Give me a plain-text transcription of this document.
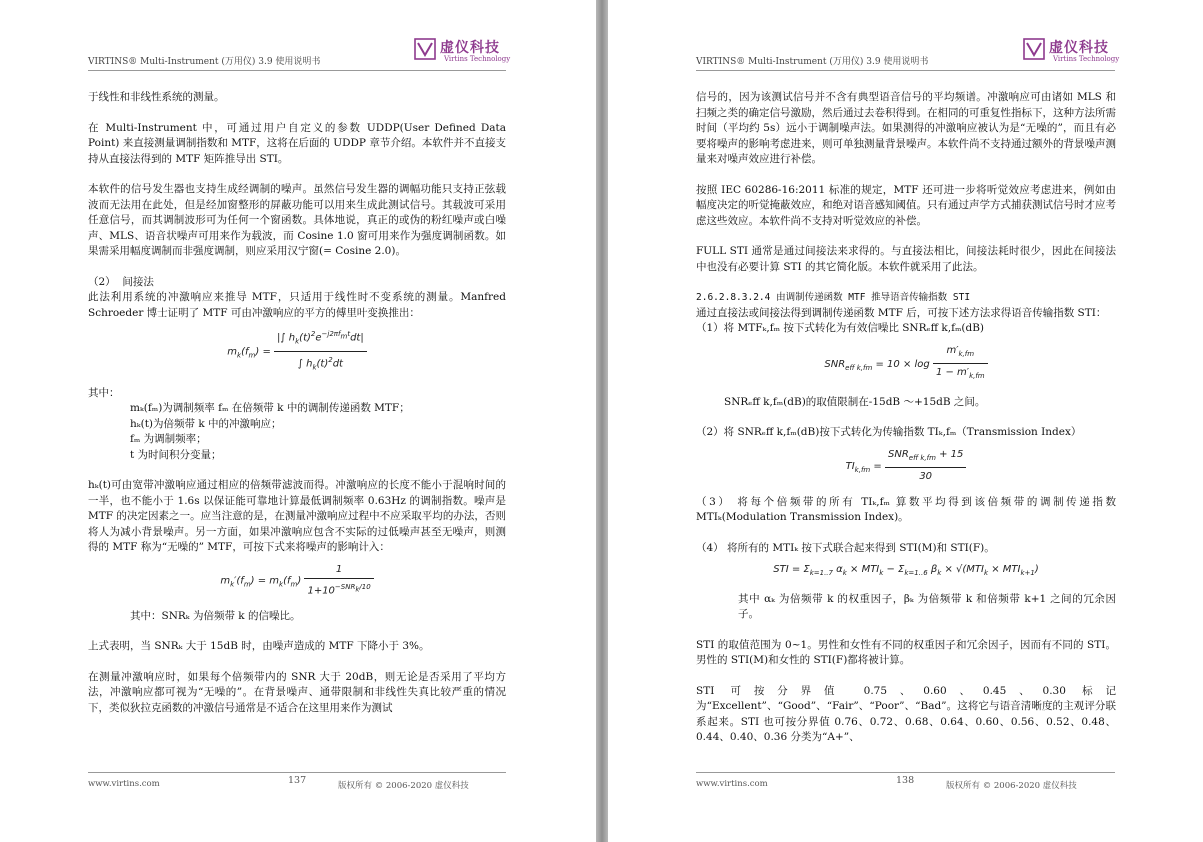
VIRTINS® Multi-Instrument (万用仪) 3.9 使用说明书
虚仪科技
Virtins Technology

于线性和非线性系统的测量。

在 Multi-Instrument 中，可通过用户自定义的参数 UDDP(User Defined Data Point) 来直接测量调制指数和 MTF，这将在后面的 UDDP 章节介绍。本软件并不直接支持从直接法得到的 MTF 矩阵推导出 STI。

本软件的信号发生器也支持生成经调制的噪声。虽然信号发生器的调幅功能只支持正弦载波而无法用在此处，但是经加窗整形的屏蔽功能可以用来生成此测试信号。其载波可采用任意信号，而其调制波形可为任何一个窗函数。具体地说，真正的或伪的粉红噪声或白噪声、MLS、语音状噪声可用来作为载波，而 Cosine 1.0 窗可用来作为强度调制函数。如果需采用幅度调制而非强度调制，则应采用汉宁窗(= Cosine 2.0)。

（2） 间接法

此法利用系统的冲激响应来推导 MTF，只适用于线性时不变系统的测量。Manfred Schroeder 博士证明了 MTF 可由冲激响应的平方的傅里叶变换推出：

$m_k(f_m) = \frac{|\int h_k(t)^2e^{-j2\pi fmt}dt|}{\int h_k(t)^2dt}$

其中：

mₖ(fₘ)为调制频率 fₘ 在倍频带 k 中的调制传递函数 MTF；

hₖ(t)为倍频带 k 中的冲激响应；

fₘ 为调制频率；

t 为时间积分变量；

hₖ(t)可由宽带冲激响应通过相应的倍频带滤波而得。冲激响应的长度不能小于混响时间的一半，也不能小于 1.6s 以保证能可靠地计算最低调制频率 0.63Hz 的调制指数。噪声是 MTF 的决定因素之一。应当注意的是，在测量冲激响应过程中不应采取平均的办法，否则将人为减小背景噪声。另一方面，如果冲激响应包含不实际的过低噪声甚至无噪声，则测得的 MTF 称为“无噪的” MTF，可按下式来将噪声的影响计入：

$m_k'(f_m) = m_k(f_m) \frac{1}{1+10^{-SNRk/10}}$

其中：SNRₖ 为倍频带 k 的信噪比。

上式表明，当 SNRₖ 大于 15dB 时，由噪声造成的 MTF 下降小于 3%。

在测量冲激响应时，如果每个倍频带内的 SNR 大于 20dB，则无论是否采用了平均方法，冲激响应都可视为“无噪的”。在背景噪声、通带限制和非线性失真比较严重的情况下，类似狄拉克函数的冲激信号通常是不适合在这里用来作为测试

www.virtins.com	137	版权所有 © 2006-2020 虚仪科技
VIRTINS® Multi-Instrument (万用仪) 3.9 使用说明书
虚仪科技
Virtins Technology

信号的，因为该测试信号并不含有典型语音信号的平均频谱。冲激响应可由诸如 MLS 和扫频之类的确定信号激励，然后通过去卷积得到。在相同的可重复性指标下，这种方法所需时间（平均约 5s）远小于调制噪声法。如果测得的冲激响应被认为是“无噪的”，而且有必要将噪声的影响考虑进来，则可单独测量背景噪声。本软件尚不支持通过额外的背景噪声测量来对噪声效应进行补偿。

按照 IEC 60286-16:2011 标准的规定，MTF 还可进一步将听觉效应考虑进来，例如由幅度决定的听觉掩蔽效应，和绝对语音感知阈值。只有通过声学方式捕获测试信号时才应考虑这些效应。本软件尚不支持对听觉效应的补偿。

FULL STI 通常是通过间接法来求得的。与直接法相比，间接法耗时很少，因此在间接法中也没有必要计算 STI 的其它简化版。本软件就采用了此法。

2.6.2.8.3.2.4 由调制传递函数 MTF 推导语音传输指数 STI

通过直接法或间接法得到调制传递函数 MTF 后，可按下述方法求得语音传输指数 STI：

（1）将 MTFₖ,fₘ 按下式转化为有效信噪比 SNRₑff k,fₘ(dB)

$SNR_{eff k,fm} = 10 \times \log \frac{m'_{k,fm}}{1 - m'_{k,fm}}$

SNRₑff k,fₘ(dB)的取值限制在-15dB ～+15dB 之间。

（2）将 SNRₑff k,fₘ(dB)按下式转化为传输指数 TIₖ,fₘ（Transmission Index）

$TI_{k,fm} = \frac{SNR_{eff k,fm} + 15}{30}$

（3） 将每个倍频带的所有 TIₖ,fₘ 算数平均得到该倍频带的调制传递指数 MTIₖ(Modulation Transmission Index)。

（4） 将所有的 MTIₖ 按下式联合起来得到 STI(M)和 STI(F)。

STI = $\Sigma_{k=1..7}$ $\alpha_k \times MTI_k - \Sigma_{k=1..6}$ $\beta_k \times √(MTI_k \times MTI_{k+1})$

其中 αₖ 为倍频带 k 的权重因子，βₖ 为倍频带 k 和倍频带 k+1 之间的冗余因子。

STI 的取值范围为 0~1。男性和女性有不同的权重因子和冗余因子，因而有不同的 STI。男性的 STI(M)和女性的 STI(F)都将被计算。

STI 可按分界值 0.75、0.60、0.45、0.30 标记为“Excellent”、“Good”、“Fair”、“Poor”、“Bad”。这将它与语音清晰度的主观评分联系起来。STI 也可按分界值 0.76、0.72、0.68、0.64、0.60、0.56、0.52、0.48、0.44、0.40、0.36 分类为“A+”、

www.virtins.com	138	版权所有 © 2006-2020 虚仪科技
